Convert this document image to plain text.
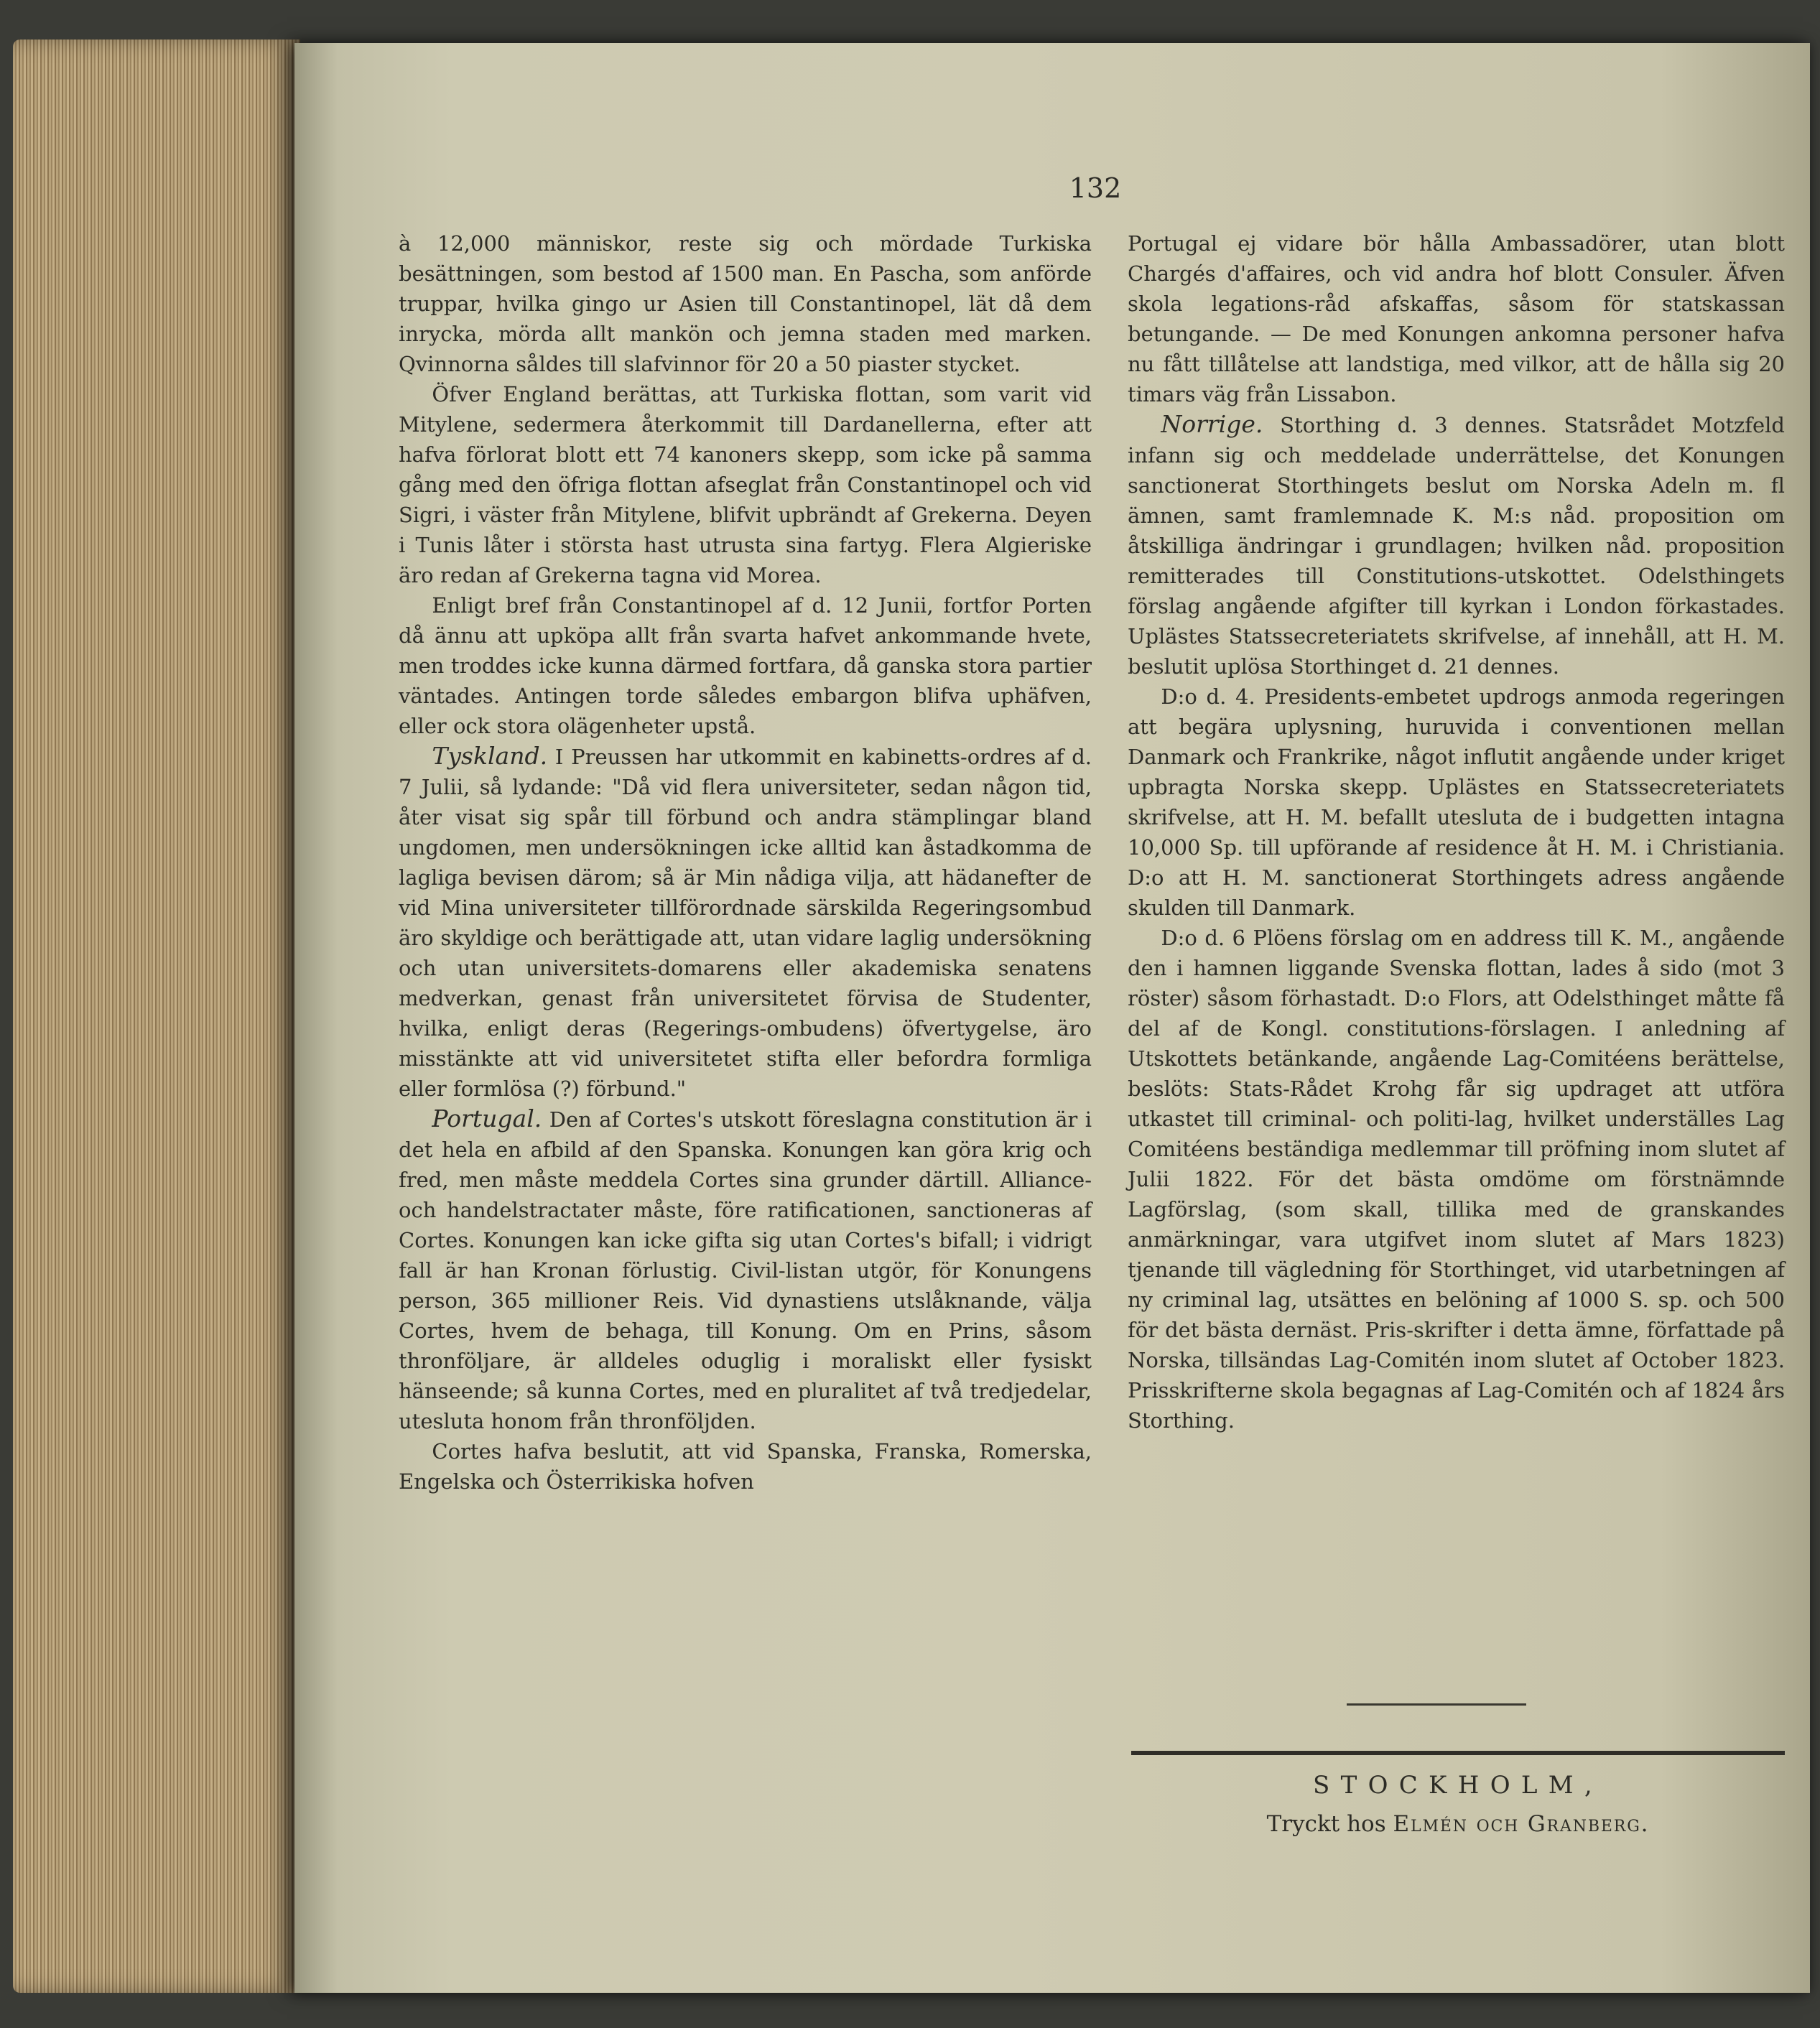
132

à 12,000 människor, reste sig och mördade Turkiska besättningen, som bestod af 1500 man. En Pascha, som anförde truppar, hvilka gingo ur Asien till Constantinopel, lät då dem inrycka, mörda allt mankön och jemna staden med marken. Qvinnorna såldes till slafvinnor för 20 a 50 piaster stycket.

Öfver England berättas, att Turkiska flottan, som varit vid Mitylene, sedermera återkommit till Dardanellerna, efter att hafva förlorat blott ett 74 kanoners skepp, som icke på samma gång med den öfriga flottan afseglat från Constantinopel och vid Sigri, i väster från Mitylene, blifvit upbrändt af Grekerna. Deyen i Tunis låter i största hast utrusta sina fartyg. Flera Algieriske äro redan af Grekerna tagna vid Morea.

Enligt bref från Constantinopel af d. 12 Junii, fortfor Porten då ännu att upköpa allt från svarta hafvet ankommande hvete, men troddes icke kunna därmed fortfara, då ganska stora partier väntades. Antingen torde således embargon blifva uphäfven, eller ock stora olägenheter upstå.

Tyskland. I Preussen har utkommit en kabinetts-ordres af d. 7 Julii, så lydande: "Då vid flera universiteter, sedan någon tid, åter visat sig spår till förbund och andra stämplingar bland ungdomen, men undersökningen icke alltid kan åstadkomma de lagliga bevisen därom; så är Min nådiga vilja, att hädanefter de vid Mina universiteter tillförordnade särskilda Regeringsombud äro skyldige och berättigade att, utan vidare laglig undersökning och utan universitets-domarens eller akademiska senatens medverkan, genast från universitetet förvisa de Studenter, hvilka, enligt deras (Regerings-ombudens) öfvertygelse, äro misstänkte att vid universitetet stifta eller befordra formliga eller formlösa (?) förbund."

Portugal. Den af Cortes's utskott föreslagna constitution är i det hela en afbild af den Spanska. Konungen kan göra krig och fred, men måste meddela Cortes sina grunder därtill. Alliance- och handelstractater måste, före ratificationen, sanctioneras af Cortes. Konungen kan icke gifta sig utan Cortes's bifall; i vidrigt fall är han Kronan förlustig. Civil-listan utgör, för Konungens person, 365 millioner Reis. Vid dynastiens utslåknande, välja Cortes, hvem de behaga, till Konung. Om en Prins, såsom thronföljare, är alldeles oduglig i moraliskt eller fysiskt hänseende; så kunna Cortes, med en pluralitet af två tredjedelar, utesluta honom från thronföljden.

Cortes hafva beslutit, att vid Spanska, Franska, Romerska, Engelska och Österrikiska hofven

Portugal ej vidare bör hålla Ambassadörer, utan blott Chargés d'affaires, och vid andra hof blott Consuler. Äfven skola legations-råd afskaffas, såsom för statskassan betungande. — De med Konungen ankomna personer hafva nu fått tillåtelse att landstiga, med vilkor, att de hålla sig 20 timars väg från Lissabon.

Norrige. Storthing d. 3 dennes. Statsrådet Motzfeld infann sig och meddelade underrättelse, det Konungen sanctionerat Storthingets beslut om Norska Adeln m. fl ämnen, samt framlemnade K. M:s nåd. proposition om åtskilliga ändringar i grundlagen; hvilken nåd. proposition remitterades till Constitutions-utskottet. Odelsthingets förslag angående afgifter till kyrkan i London förkastades. Uplästes Statssecreteriatets skrifvelse, af innehåll, att H. M. beslutit uplösa Storthinget d. 21 dennes.

D:o d. 4. Presidents-embetet updrogs anmoda regeringen att begära uplysning, huruvida i conventionen mellan Danmark och Frankrike, något influtit angående under kriget upbragta Norska skepp. Uplästes en Statssecreteriatets skrifvelse, att H. M. befallt utesluta de i budgetten intagna 10,000 Sp. till upförande af residence åt H. M. i Christiania. D:o att H. M. sanctionerat Storthingets adress angående skulden till Danmark.

D:o d. 6 Plöens förslag om en address till K. M., angående den i hamnen liggande Svenska flottan, lades å sido (mot 3 röster) såsom förhastadt. D:o Flors, att Odelsthinget måtte få del af de Kongl. constitutions-förslagen. I anledning af Utskottets betänkande, angående Lag-Comitéens berättelse, beslöts: Stats-Rådet Krohg får sig updraget att utföra utkastet till criminal- och politi-lag, hvilket underställes Lag Comitéens beständiga medlemmar till pröfning inom slutet af Julii 1822. För det bästa omdöme om förstnämnde Lagförslag, (som skall, tillika med de granskandes anmärkningar, vara utgifvet inom slutet af Mars 1823) tjenande till vägledning för Storthinget, vid utarbetningen af ny criminal lag, utsättes en belöning af 1000 S. sp. och 500 för det bästa dernäst. Pris-skrifter i detta ämne, författade på Norska, tillsändas Lag-Comitén inom slutet af October 1823. Prisskrifterne skola begagnas af Lag-Comitén och af 1824 års Storthing.

STOCKHOLM,
Tryckt hos Elmén och Granberg.
